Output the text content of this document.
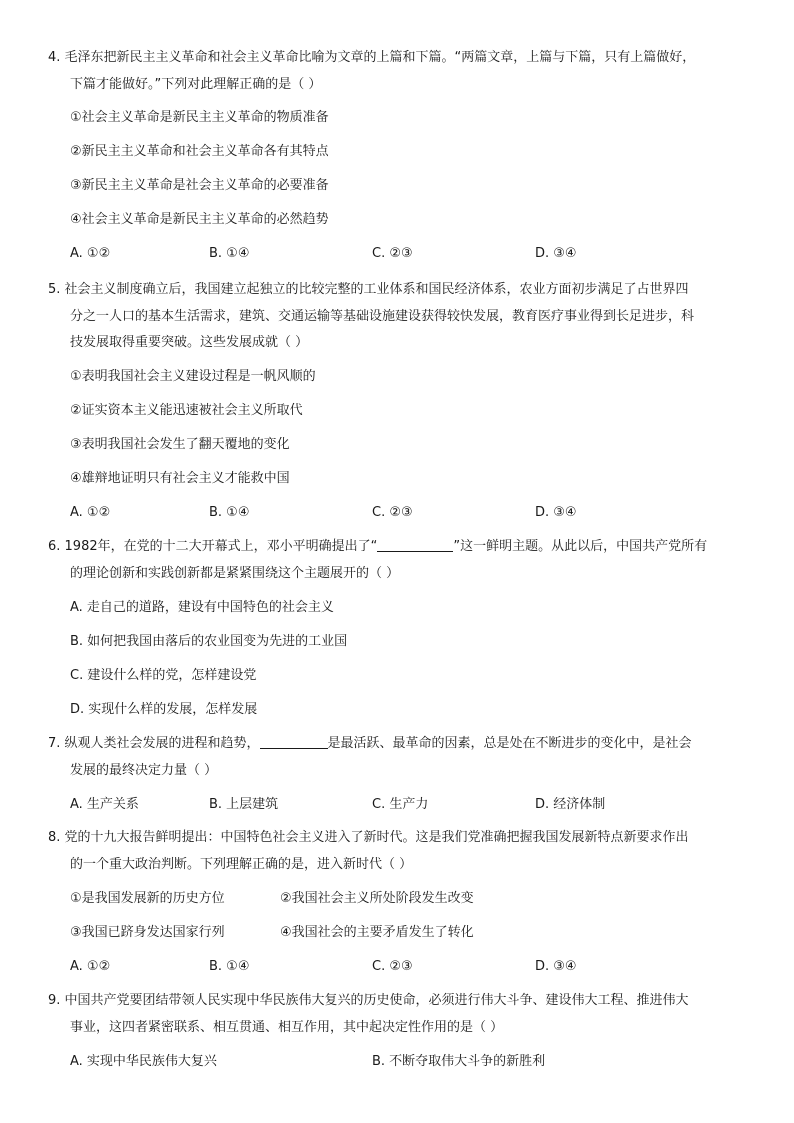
4. 毛泽东把新民主主义革命和社会主义革命比喻为文章的上篇和下篇。“两篇文章，上篇与下篇，只有上篇做好，
下篇才能做好。”下列对此理解正确的是（ ）
①社会主义革命是新民主主义革命的物质准备
②新民主主义革命和社会主义革命各有其特点
③新民主主义革命是社会主义革命的必要准备
④社会主义革命是新民主主义革命的必然趋势
A. ①②	B. ①④	C. ②③	D. ③④
5. 社会主义制度确立后，我国建立起独立的比较完整的工业体系和国民经济体系，农业方面初步满足了占世界四
分之一人口的基本生活需求，建筑、交通运输等基础设施建设获得较快发展，教育医疗事业得到长足进步，科
技发展取得重要突破。这些发展成就（ ）
①表明我国社会主义建设过程是一帆风顺的
②证实资本主义能迅速被社会主义所取代
③表明我国社会发生了翻天覆地的变化
④雄辩地证明只有社会主义才能救中国
A. ①②	B. ①④	C. ②③	D. ③④
6. 1982年，在党的十二大开幕式上，邓小平明确提出了“	”这一鲜明主题。从此以后，中国共产党所有
的理论创新和实践创新都是紧紧围绕这个主题展开的（ ）
A. 走自己的道路，建设有中国特色的社会主义
B. 如何把我国由落后的农业国变为先进的工业国
C. 建设什么样的党，怎样建设党
D. 实现什么样的发展，怎样发展
7. 纵观人类社会发展的进程和趋势，	是最活跃、最革命的因素，总是处在不断进步的变化中，是社会
发展的最终决定力量（ ）
A. 生产关系	B. 上层建筑	C. 生产力	D. 经济体制
8. 党的十九大报告鲜明提出：中国特色社会主义进入了新时代。这是我们党准确把握我国发展新特点新要求作出
的一个重大政治判断。下列理解正确的是，进入新时代（ ）
①是我国发展新的历史方位	②我国社会主义所处阶段发生改变
③我国已跻身发达国家行列	④我国社会的主要矛盾发生了转化
A. ①②	B. ①④	C. ②③	D. ③④
9. 中国共产党要团结带领人民实现中华民族伟大复兴的历史使命，必须进行伟大斗争、建设伟大工程、推进伟大
事业，这四者紧密联系、相互贯通、相互作用，其中起决定性作用的是（ ）
A. 实现中华民族伟大复兴	B. 不断夺取伟大斗争的新胜利
